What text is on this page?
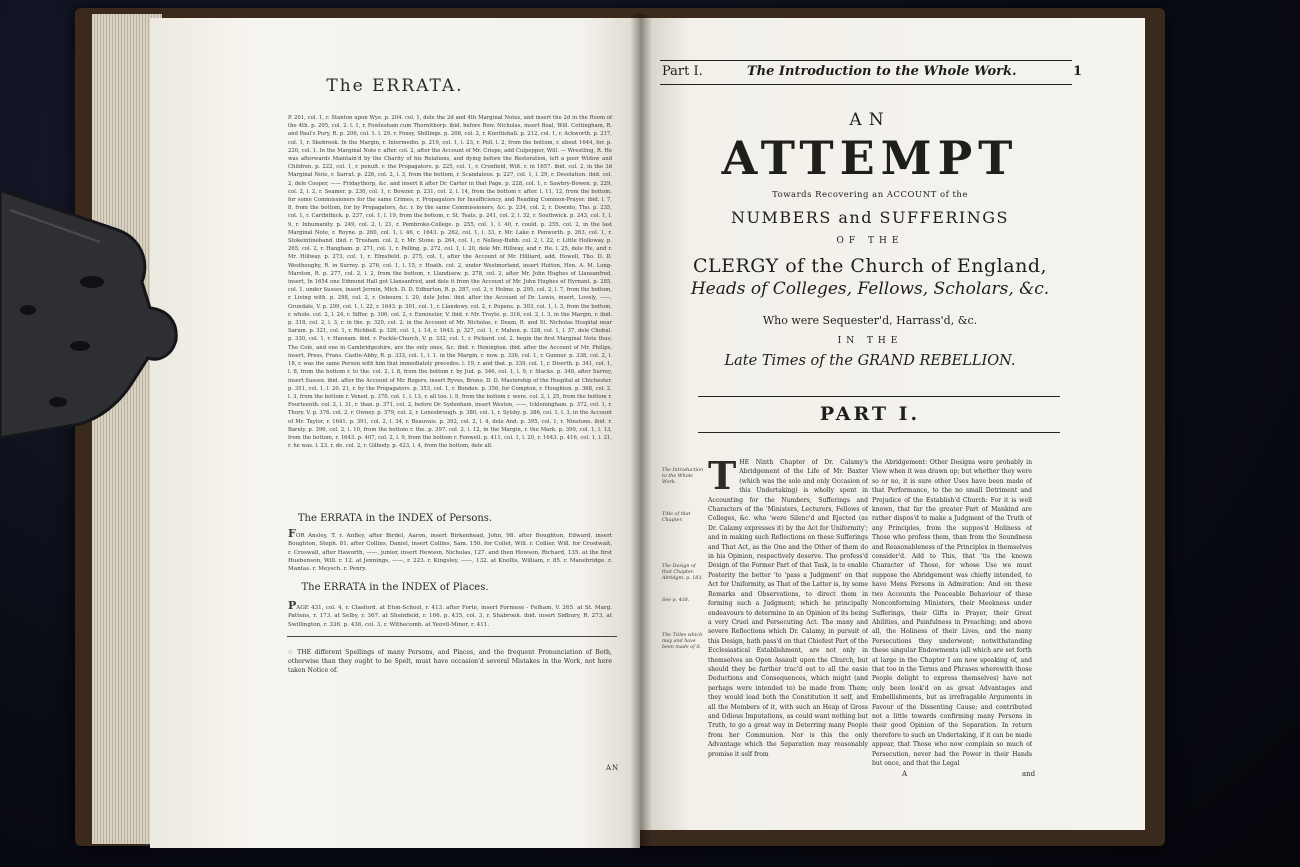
The ERRATA.
P. 201, col. 1, r. Stanton upon Wye. p. 204. col. 1, dele the 2d and 4th Marginal Notes, and insert the 2d in the Room of the 4th. p. 205, col. 2. l. 1, r. Fowlesham cum Thornithorp. ibid. before Row. Nicholas, insert Boal, Will. Cottingham, R. and Paul's Pury, R. p. 206, col. 1. l. 29. r. Foxey, Shillings. p. 208, col. 2, r. Knottishall. p. 212, col. 1, r. Ackworth. p. 217, col. 1, r. Skebrook. In the Margin, r. Intermedio. p. 219, col. 1, l. 23, r. Poll. l. 2, from the bottom, r. about 1644, for. p. 220, col. 1. In the Marginal Note r. after. col. 2, after the Account of Mr. Crispe, add Culpepper, Will. — Wrestling, R. He was afterwards Maintain'd by the Charity of his Relations, and dying before the Restoration, left a poor Widow and Children. p. 222, col. 1, r. penult. r. the Propagators. p. 225, col. 1, r. Croxfield, Wilt. r. in 1657. ibid. col. 2, in the 3d Marginal Note, r. Sarrat. p. 226, col. 2, l. 3, from the bottom, r. Scandalous. p. 227, col. 1, l. 29, r. Desolation. ibid. col. 2, dele Cooper, —— Fridaythorp, &c. and insert it after Dr. Carter in that Page. p. 228, col. 1, r. Sawbry-Bowen. p. 229, col. 2, l. 2, r. Seamer. p. 230, col. 1, r. Bowzer. p. 231, col. 2, l. 14, from the bottom r. after. l. 11, 12, from the bottom, for some Commissioners for the same Crimes, r. Propagators for Insufficiency, and Reading Common-Prayer. ibid. l. 7, 8, from the bottom, for by Propagators, &c. r. by the same Commissioners, &c. p. 234, col. 2, r. Downto, Tho. p. 235, col. 1, r. Cartbithick. p. 237, col. 1, l. 19, from the bottom, r. St. Teats. p. 241, col. 2, l. 32, r. Southwick. p. 243, col. 1, l. 9, r. Inhumanity. p. 249, col. 2, l. 21, r. Pembroke-College. p. 255, col. 1, l. 40, r. could. p. 255, col. 2, in the last Marginal Note, r. Royne. p. 260, col. 1, l. 46, r. 1643. p. 262, col. 1, l. 33, r. Mr. Lake r. Penworth. p. 263, col. 1, r. Stokeintineband. ibid. r. Trusham. col. 2, r. Mr. Stone. p. 264, col. 1, r. Nellesy-Bubb. col. 2, l. 22, r. Little Holloway. p. 265, col. 2, r. Hangham. p. 271, col. 1, r. Pelling. p. 272, col. 1, l. 20, dele Mr. Hillway, and r. He. l. 25, dele He, and r. Mr. Hillway. p. 273, col. 1, r. Elmsfield. p. 275, col. 1, after the Account of Mr. Hilliard, add, Howell, Tho. D. D. Westhoughy, R. in Surrey. p. 276, col. 1, l. 15, r. Hoath. col. 2, under Westmorland, insert Hutton, Hen. A. M. Long-Marston, R. p. 277, col. 2, l. 2, from the bottom, r. Llandisew. p. 278, col. 2, after Mr. John Hughes of Llansanfred, insert, In 1654 one Edmund Hall got Llansanfred, and dele it from the Account of Mr. John Hughes of Hyrnant. p. 285, col. 1. under Sussex, insert Jermin, Mich. D. D. Edburton, R. p. 287, col. 2, r. Holme. p. 295, col. 2, l. 7, from the bottom, r. Living with. p. 298, col. 2, r. Osbourn. l. 20, dele John. ibid. after the Account of Dr. Lewis, insert, Lovely, ——, Grundale, V. p. 299, col. 1, l. 22, r. 1643. p. 301, col. 1, r. Llandewy. col. 2, r. Popens. p. 303, col. 1, l. 3, from the bottom, r. whole. col. 2, l. 24, r. Siffur. p. 306, col. 2, r. Exminster, V. ibid. r. Mr. Troyte. p. 316, col. 2, l. 3, in the Margin, r. ibid. p. 318, col. 2, l. 3, r. in the. p. 320, col. 2. in the Account of Mr. Nicholas, r. Deam, R. and St. Nicholas Hospital near Sarum. p. 321, col. 1, r. Richbell. p. 326, col. 1, l. 14, r. 1643. p. 327, col. 1, r. Mahon. p. 328, col. 1, l. 37, dele Chobul. p. 330, col. 1, r. Hannam. ibid. r. Puckle-Church, V. p. 332, col. 1, r. Pickard. col. 2. begin the first Marginal Note thus; The Cole, and one in Cambridgeshire, are the only ones, &c. ibid. r. Henington. ibid. after the Account of Mr. Philips, insert, Press, Frans. Castle-Abby, R. p. 333, col. 1, l. 1. in the Margin, r. now. p. 336, col. 1, r. Gunner. p. 338, col. 2, l. 18, r. was the same Person with him that immediately precedes. l. 19, r. and that. p. 339, col. 1, r. Diserth. p. 341, col. 1, l. 8, from the bottom r. to the. col. 2, l. 8, from the bottom r. by Jud. p. 346, col. 1, l. 9, r. Stacks. p. 348, after Surrey, insert Sussex. ibid. after the Account of Mr. Rogers, insert Ryves, Bruno, D. D. Mastership of the Hospital at Chichester. p. 351, col. 1, l. 20. 21, r. by the Propagators. p. 353, col. 1, r. Bonden. p. 356, for Compton, r. Houghton. p. 368, col. 2, l. 3, from the bottom r. Vened. p. 370. col. 1, l. 13, r. all too. l. 9, from the bottom r. were. col. 2, l. 25, from the bottom r. Fourteenth. col. 2, l. 31, r. than. p. 371, col. 2, before Dr. Sydenham, insert Weston, ——, Ickleningham. p. 372, col. 1, r. Thory. V. p. 376. col. 2, r. Owney. p. 379, col. 2, r. Lonesbrough. p. 380, col. 1, r. Sylsby. p. 386, col. 1, l. 3, in the Account of Mr. Taylor, r. 1641. p. 391, col. 2, l. 34, r. Beauvais. p. 392, col. 2, l. 4, dele And. p. 395, col. 1, r. Ninstone. ibid. r. Barely. p. 396, col. 2, l. 10, from the bottom r. the. p. 397. col. 2, l. 12, in the Margin, r. the Mark. p. 399, col. 1, l. 13, from the bottom, r. 1643. p. 407, col. 2, l. 9, from the bottom r. Fonwell. p. 411, col. 1, l. 20, r. 1643. p. 416, col. 1, l. 21, r. he was. l. 23. r. de. col. 2, r. Gilbody. p. 423, l. 4, from the bottom, dele all.
The ERRATA in the INDEX of Persons.
FOR Ansley, T. r. Anfley, after Birdel, Aaron, insert Birkenhead, John, 98. after Boughton, Edward, insert Boughton, Steph. 81. after Collins, Daniel, insert Collins, Sam. 150. for Collet, Will. r. Collier, Will. for Crostwait, r. Croswall, after Haworth, ——, junior, insert Hewson, Nicholas, 127. and then Howson, Richard, 135. at the first Huebenson, Will. r. 12. at Jennings, ——, r. 223. r. Kingsley, ——, 132. at Knollis, William, r. 85. r. Manebridge. r. Mantas. r. Meysch. r. Penry.
The ERRATA in the INDEX of Places.
PAGE 431, col. 4, r. Clasford. at Eton-School, r. 413. after Forte, insert Formese - Felham, V. 265. at St. Marg. Pattens, r. 173. at Selby, r. 367. at Sheinfield, r. 166. p. 435, col. 3, r. Shabrook. ibid. insert Sidbury, R. 273. at Swillington, r. 336. p. 436, col. 3, r. Withecomb. at Yeovil-Minor, r. 411.
☞ THE different Spellings of many Persons, and Places, and the frequent Pronunciation of Both, otherwise than they ought to be Spelt, must have occasion'd several Mistakes in the Work, not here taken Notice of.
AN
Part I.	The Introduction to the Whole Work.	1
AN
ATTEMPT
Towards Recovering an ACCOUNT of the
NUMBERS and SUFFERINGS
OF THE
CLERGY of the Church of England,
Heads of Colleges, Fellows, Scholars, &c.
Who were Sequester'd, Harrass'd, &c.
IN THE
Late Times of the GRAND REBELLION.
PART I.
The Introduction to the Whole Work.
Title of that Chapter.
The Design of that Chapter. Abridgm. p. 183.
See p. 438.
The Titles which may and have been made of it.
THE Ninth Chapter of Dr. Calamy's Abridgement of the Life of Mr. Baxter (which was the sole and only Occasion of this Undertaking) is wholly spent in Accounting for the Numbers, Sufferings and Characters of the 'Ministers, Lecturers, Fellows of Colleges, &c. who 'were Silenc'd and Ejected (as Dr. Calamy expresses it) by the Act for Uniformity'; and in making such Reflections on these Sufferings and That Act, as the One and the Other of them do in his Opinion, respectively deserve. The profess'd Design of the Former Part of that Task, is to enable Posterity the better 'to 'pass a Judgment' on that Act for Uniformity, as That of the Latter is, by some Remarks and Observations, to direct them in forming such a Judgment; which he principally endeavours to determine in an Opinion of its being a very Cruel and Persecuting Act. The many and severe Reflections which Dr. Calamy, in pursuit of this Design, hath pass'd on that Chiefest Part of the Ecclesiastical Establishment, are not only in themselves an Open Assault upon the Church, but should they be further trac'd out to all the easie Deductions and Consequences, which might (and perhaps were intended to) be made from Them; they would load both the Constitution it self, and all the Members of it, with such an Heap of Gross and Odious Imputations, as could want nothing but Truth, to go a great way in Deterring many People from her Communion. Nor is this the only Advantage which the Separation may reasonably promise it self from
the Abridgement: Other Designs were probably in View when it was drawn up; but whether they were so or no, it is sure other Uses have been made of that Performance, to the no small Detriment and Prejudice of the Establish'd Church: For it is well known, that far the greater Part of Mankind are rather dispos'd to make a Judgment of the Truth of any Principles, from the suppos'd Holiness of Those who profess them, than from the Soundness and Reasonableness of the Principles in themselves consider'd. Add to This, that 'tis the known Character of Those, for whose Use we must suppose the Abridgement was chiefly intended, to have Mens Persons in Admiration: And on these two Accounts the Peaceable Behaviour of these Nonconforming Ministers, their Meekness under Sufferings, their Gifts in Prayer, their Great Abilities, and Painfulness in Preaching; and above all, the Holiness of their Lives, and the many Persecutions they underwent; notwithstanding these singular Endowments (all which are set forth at large in the Chapter I am now speaking of, and that too in the Terms and Phrases wherewith those People delight to express themselves) have not only been look'd on as great Advantages and Embellishments, but as irrefragable Arguments in Favour of the Dissenting Cause; and contributed not a little towards confirming many Persons in their good Opinion of the Separation. In return therefore to such an Undertaking, if it can be made appear, that Those who now complain so much of Persecution, never had the Power in their Hands but once, and that the Legal
A	and
